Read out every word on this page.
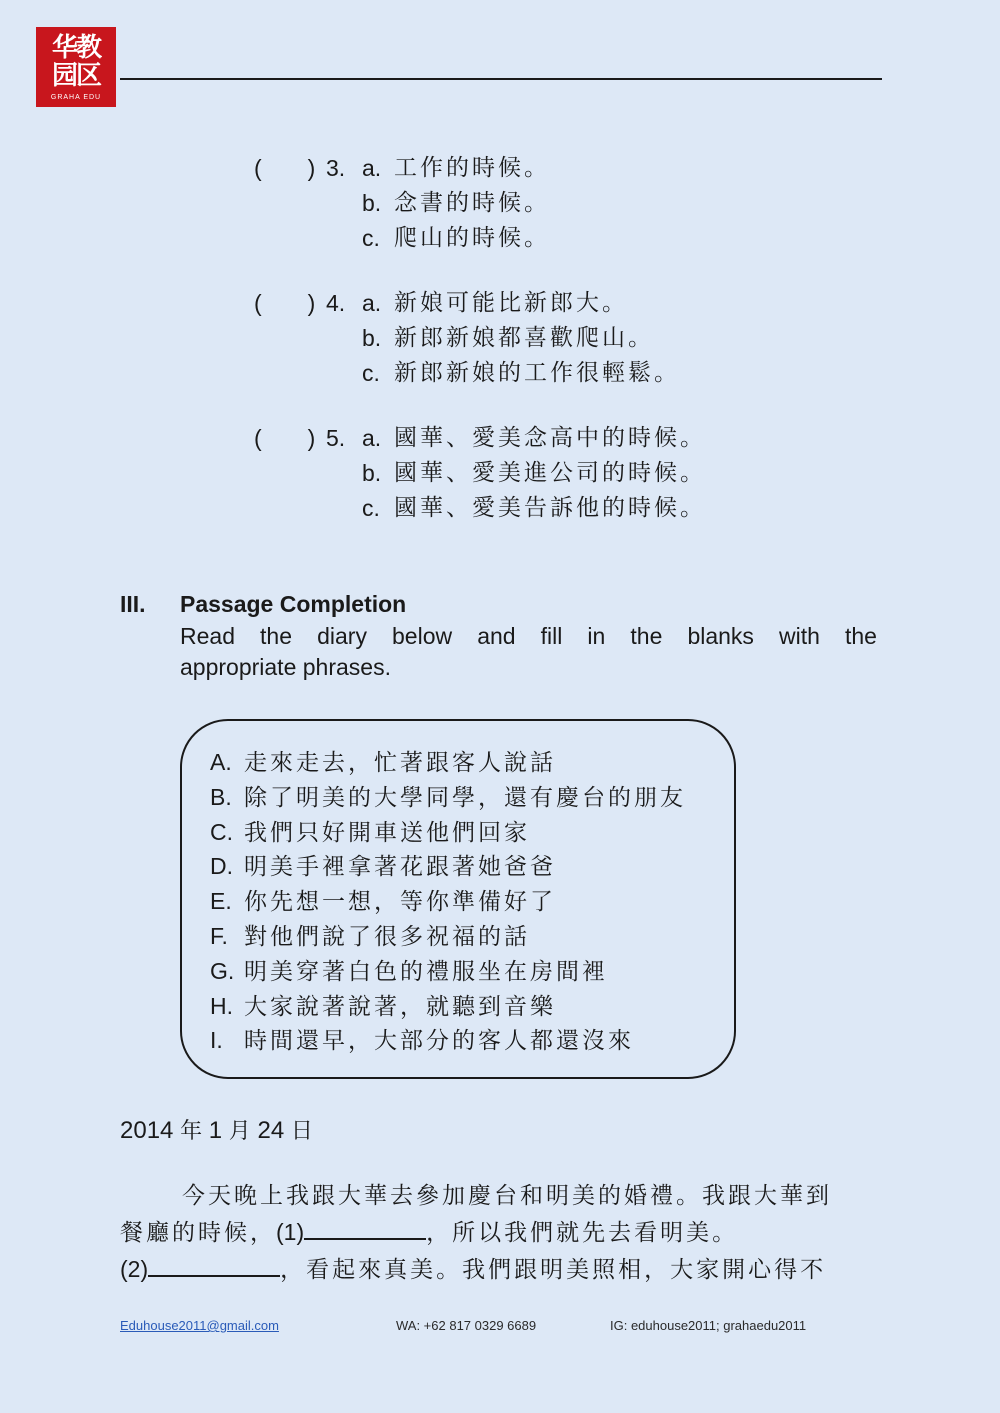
华教
园区
GRAHA EDU
(　　) 3. a. 工作的時候。
b. 念書的時候。
c. 爬山的時候。
(　　) 4. a. 新娘可能比新郎大。
b. 新郎新娘都喜歡爬山。
c. 新郎新娘的工作很輕鬆。
(　　) 5. a. 國華、愛美念高中的時候。
b. 國華、愛美進公司的時候。
c. 國華、愛美告訴他的時候。
III. Passage Completion
Read the diary below and fill in the blanks with the
appropriate phrases.
A. 走來走去，忙著跟客人說話
B. 除了明美的大學同學，還有慶台的朋友
C. 我們只好開車送他們回家
D. 明美手裡拿著花跟著她爸爸
E. 你先想一想，等你準備好了
F. 對他們說了很多祝福的話
G. 明美穿著白色的禮服坐在房間裡
H. 大家說著說著，就聽到音樂
I. 時間還早，大部分的客人都還沒來
2014 年 1 月 24 日
今天晚上我跟大華去參加慶台和明美的婚禮。我跟大華到
餐廳的時候，(1)	，所以我們就先去看明美。
(2)	，看起來真美。我們跟明美照相，大家開心得不
Eduhouse2011@gmail.com	WA: +62 817 0329 6689	IG: eduhouse2011; grahaedu2011
